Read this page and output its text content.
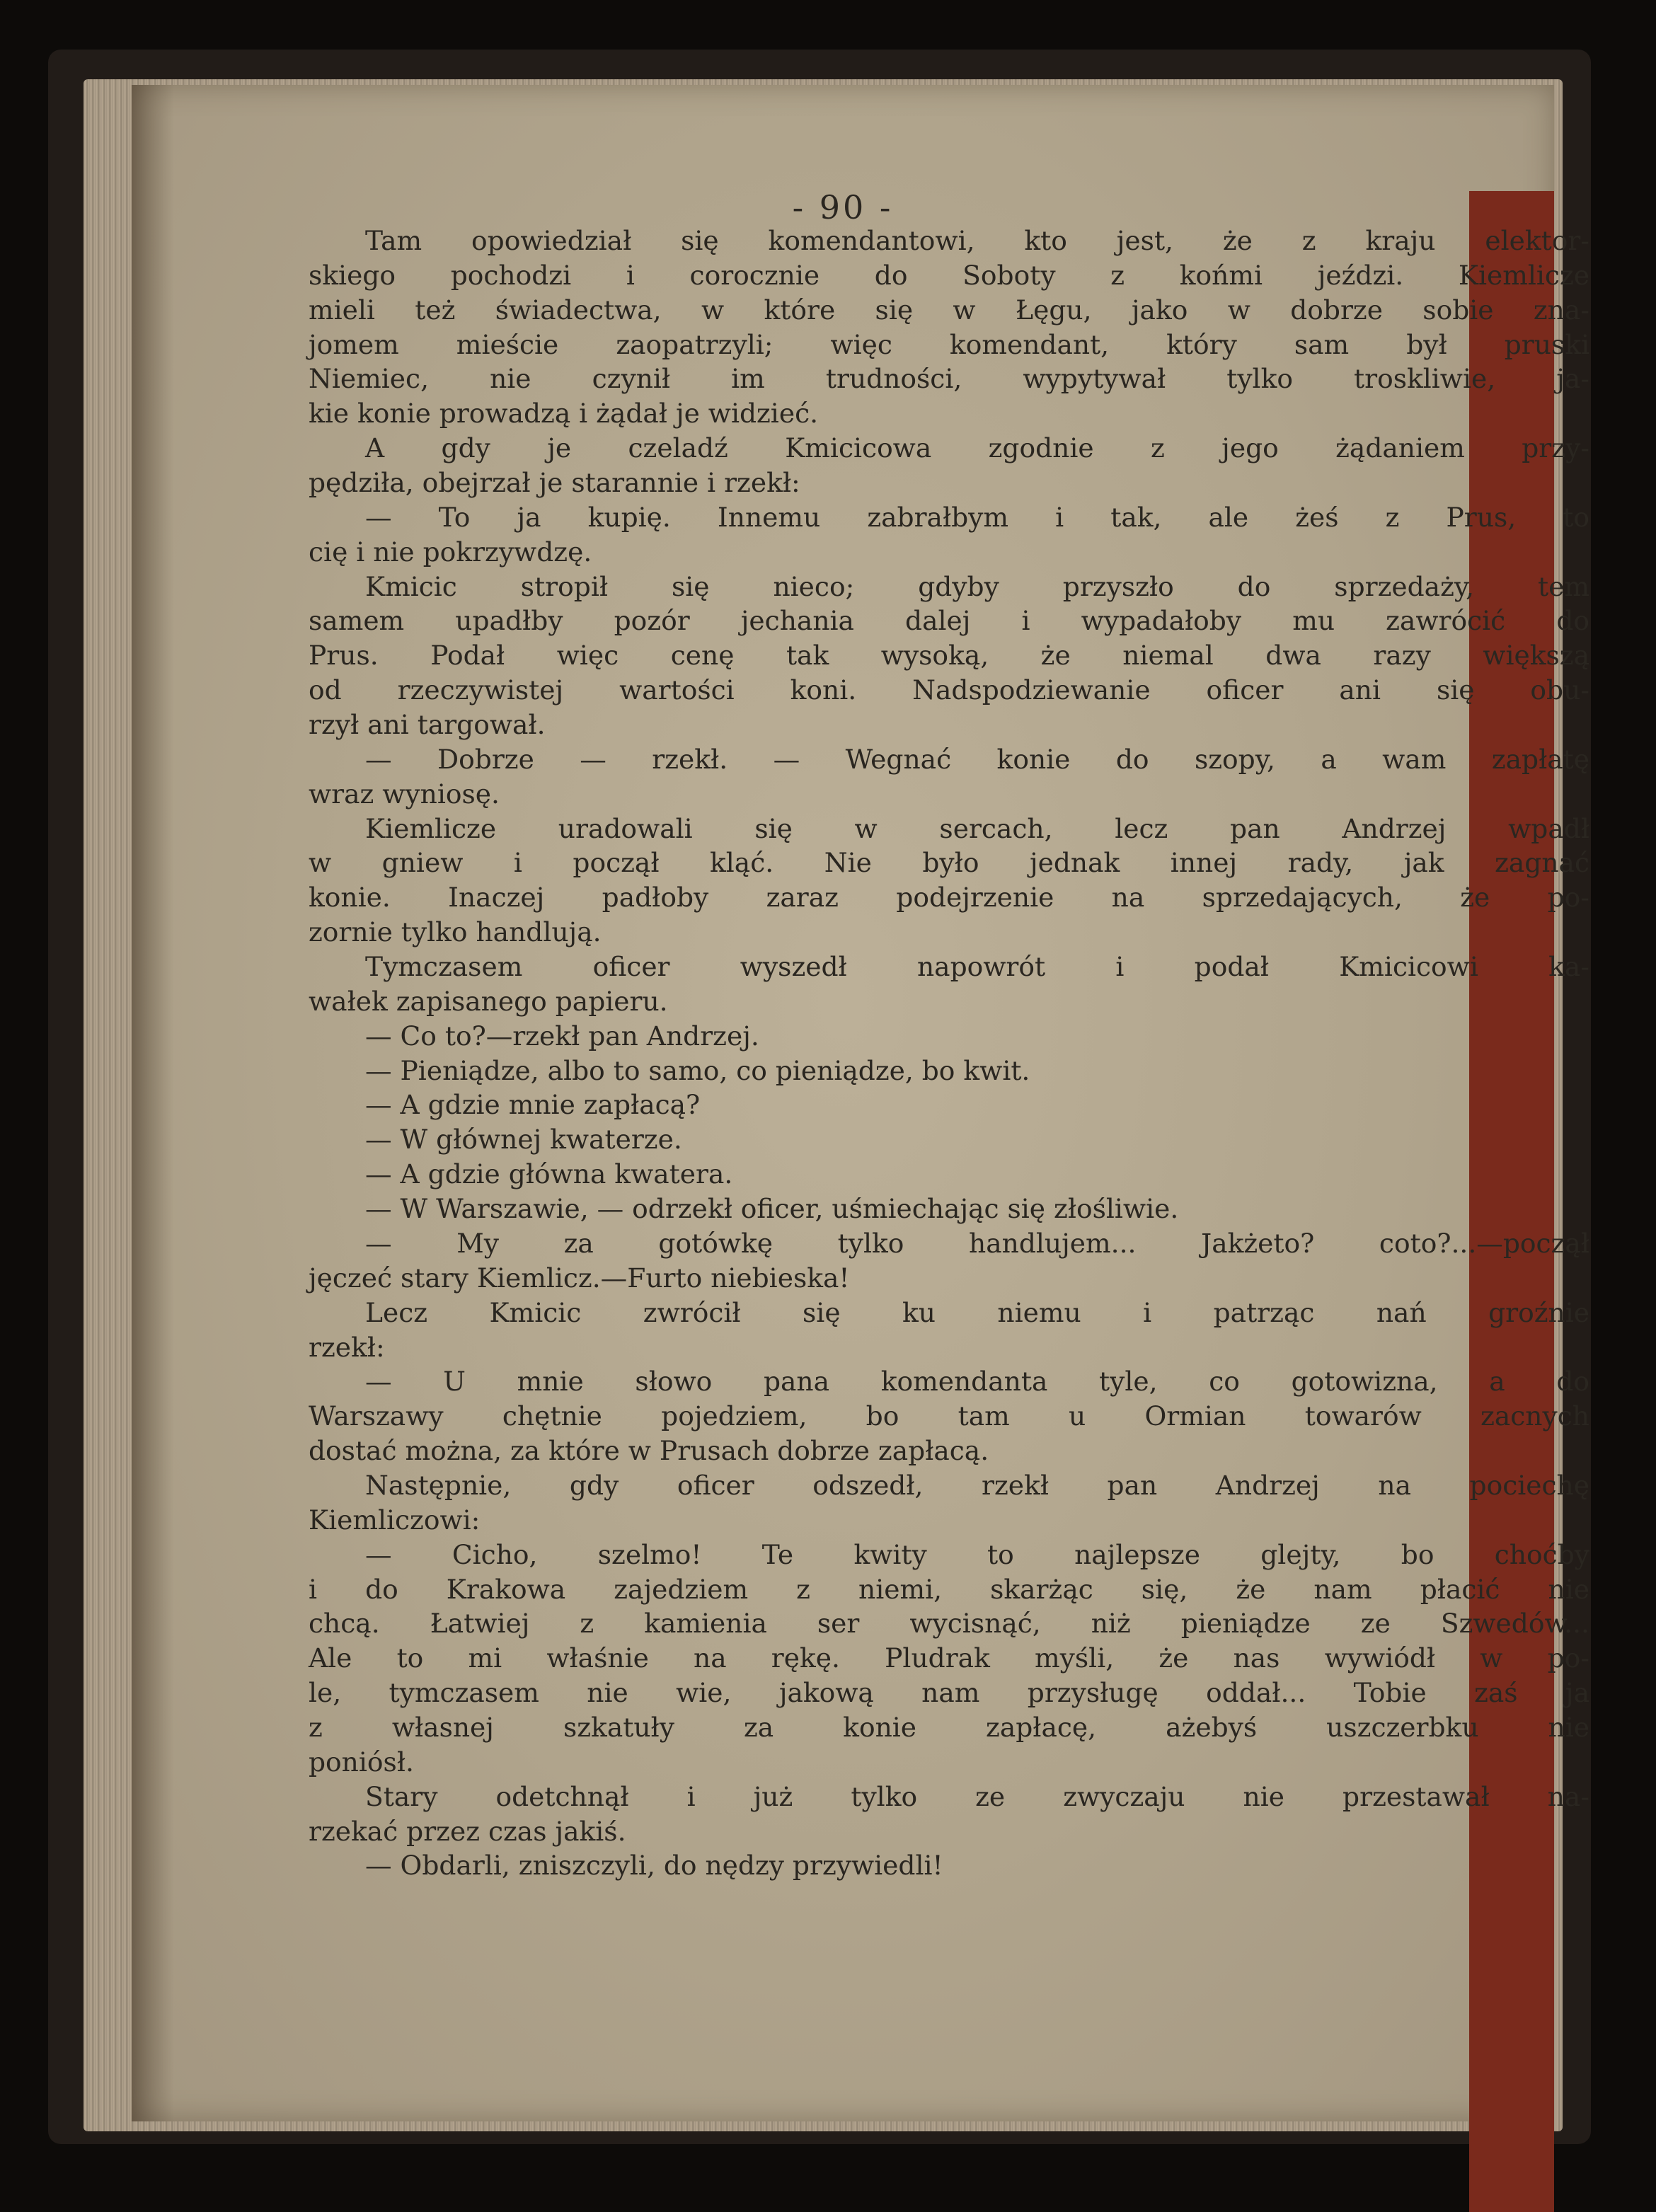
- 90 -
Tam opowiedział się komendantowi, kto jest, że z kraju elektor-
skiego pochodzi i corocznie do Soboty z końmi jeździ. Kiemlicze
mieli też świadectwa, w które się w Łęgu, jako w dobrze sobie zna-
jomem mieście zaopatrzyli; więc komendant, który sam był pruski
Niemiec, nie czynił im trudności, wypytywał tylko troskliwie, ja-
kie konie prowadzą i żądał je widzieć.
A gdy je czeladź Kmicicowa zgodnie z jego żądaniem przy-
pędziła, obejrzał je starannie i rzekł:
— To ja kupię. Innemu zabrałbym i tak, ale żeś z Prus, to
cię i nie pokrzywdzę.
Kmicic stropił się nieco; gdyby przyszło do sprzedaży, tem
samem upadłby pozór jechania dalej i wypadałoby mu zawrócić do
Prus. Podał więc cenę tak wysoką, że niemal dwa razy większą
od rzeczywistej wartości koni. Nadspodziewanie oficer ani się obu-
rzył ani targował.
— Dobrze — rzekł. — Wegnać konie do szopy, a wam zapłatę
wraz wyniosę.
Kiemlicze uradowali się w sercach, lecz pan Andrzej wpadł
w gniew i począł kląć. Nie było jednak innej rady, jak zagnać
konie. Inaczej padłoby zaraz podejrzenie na sprzedających, że po-
zornie tylko handlują.
Tymczasem oficer wyszedł napowrót i podał Kmicicowi ka-
wałek zapisanego papieru.
— Co to?—rzekł pan Andrzej.
— Pieniądze, albo to samo, co pieniądze, bo kwit.
— A gdzie mnie zapłacą?
— W głównej kwaterze.
— A gdzie główna kwatera.
— W Warszawie, — odrzekł oficer, uśmiechając się złośliwie.
— My za gotówkę tylko handlujem... Jakżeto? coto?...—począł
jęczeć stary Kiemlicz.—Furto niebieska!
Lecz Kmicic zwrócił się ku niemu i patrząc nań groźnie
rzekł:
— U mnie słowo pana komendanta tyle, co gotowizna, a do
Warszawy chętnie pojedziem, bo tam u Ormian towarów zacnych
dostać można, za które w Prusach dobrze zapłacą.
Następnie, gdy oficer odszedł, rzekł pan Andrzej na pociechę
Kiemliczowi:
— Cicho, szelmo! Te kwity to najlepsze glejty, bo choćby
i do Krakowa zajedziem z niemi, skarżąc się, że nam płacić nie
chcą. Łatwiej z kamienia ser wycisnąć, niż pieniądze ze Szwedów...
Ale to mi właśnie na rękę. Pludrak myśli, że nas wywiódł w po-
le, tymczasem nie wie, jakową nam przysługę oddał... Tobie zaś ja
z własnej szkatuły za konie zapłacę, ażebyś uszczerbku nie
poniósł.
Stary odetchnął i już tylko ze zwyczaju nie przestawał na-
rzekać przez czas jakiś.
— Obdarli, zniszczyli, do nędzy przywiedli!
